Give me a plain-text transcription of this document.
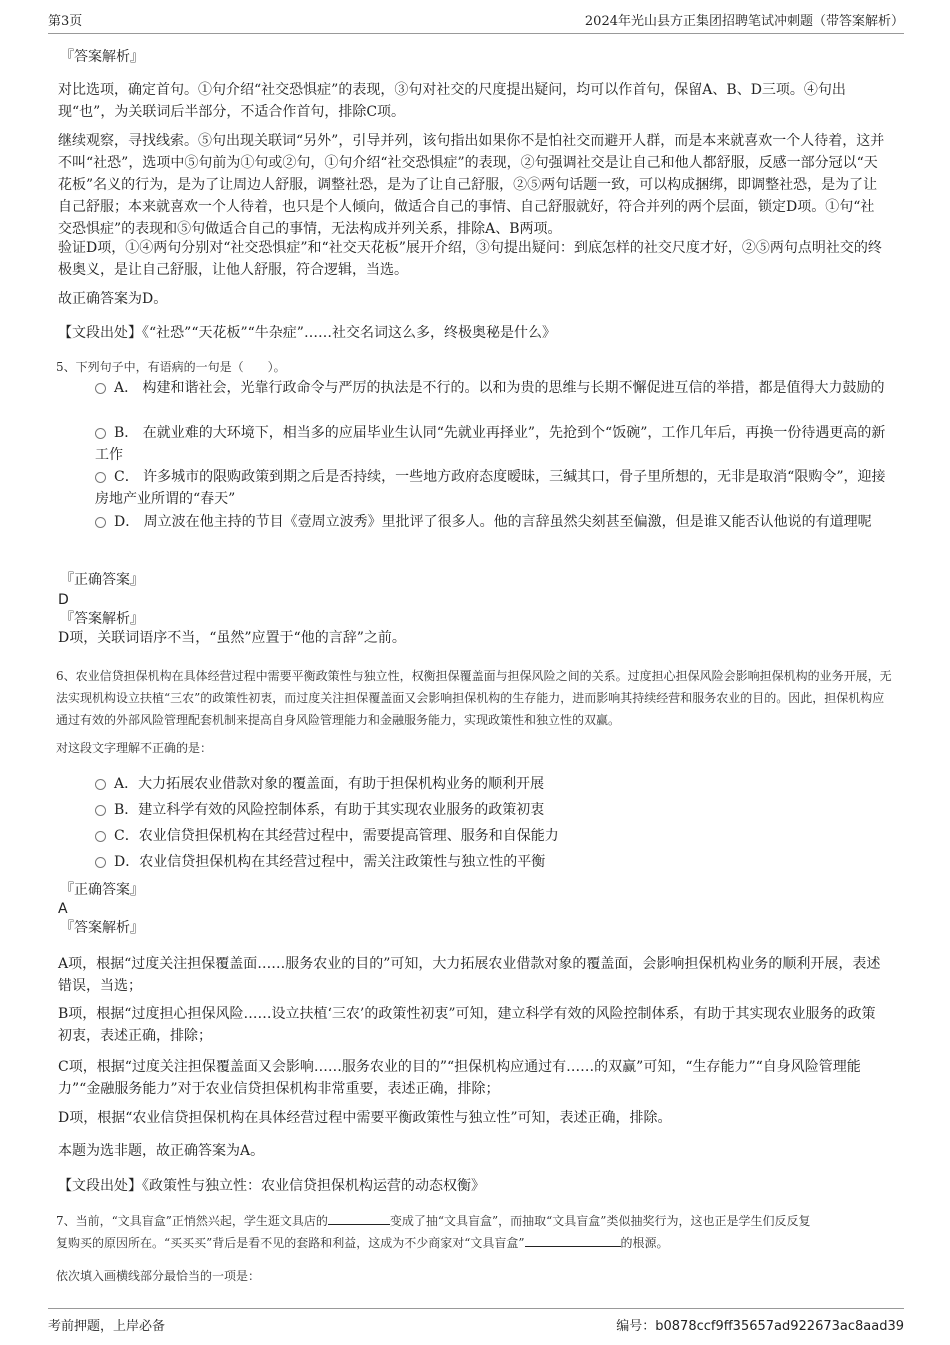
第3页	2024年光山县方正集团招聘笔试冲刺题（带答案解析）
『答案解析』
对比选项，确定首句。①句介绍“社交恐惧症”的表现，③句对社交的尺度提出疑问，均可以作首句，保留A、B、D三项。④句出现“也”，为关联词后半部分，不适合作首句，排除C项。
继续观察，寻找线索。⑤句出现关联词“另外”，引导并列，该句指出如果你不是怕社交而避开人群，而是本来就喜欢一个人待着，这并不叫“社恐”，选项中⑤句前为①句或②句，①句介绍“社交恐惧症”的表现，②句强调社交是让自己和他人都舒服，反感一部分冠以“天花板”名义的行为，是为了让周边人舒服，调整社恐，是为了让自己舒服，②⑤两句话题一致，可以构成捆绑，即调整社恐，是为了让自己舒服；本来就喜欢一个人待着，也只是个人倾向，做适合自己的事情、自己舒服就好，符合并列的两个层面，锁定D项。①句“社交恐惧症”的表现和⑤句做适合自己的事情，无法构成并列关系，排除A、B两项。
验证D项，①④两句分别对“社交恐惧症”和“社交天花板”展开介绍，③句提出疑问：到底怎样的社交尺度才好，②⑤两句点明社交的终极奥义，是让自己舒服，让他人舒服，符合逻辑，当选。
故正确答案为D。
【文段出处】《“社恐”“天花板”“牛杂症”……社交名词这么多，终极奥秘是什么》
5、下列句子中，有语病的一句是（　　）。
A． 构建和谐社会，光靠行政命令与严厉的执法是不行的。以和为贵的思维与长期不懈促进互信的举措，都是值得大力鼓励的
B． 在就业难的大环境下，相当多的应届毕业生认同“先就业再择业”，先抢到个“饭碗”，工作几年后，再换一份待遇更高的新工作
C． 许多城市的限购政策到期之后是否持续，一些地方政府态度暧昧，三缄其口，骨子里所想的，无非是取消“限购令”，迎接房地产业所谓的“春天”
D． 周立波在他主持的节目《壹周立波秀》里批评了很多人。他的言辞虽然尖刻甚至偏激，但是谁又能否认他说的有道理呢
『正确答案』
D
『答案解析』
D项，关联词语序不当，“虽然”应置于“他的言辞”之前。
6、农业信贷担保机构在具体经营过程中需要平衡政策性与独立性，权衡担保覆盖面与担保风险之间的关系。过度担心担保风险会影响担保机构的业务开展，无法实现机构设立扶植“三农”的政策性初衷，而过度关注担保覆盖面又会影响担保机构的生存能力，进而影响其持续经营和服务农业的目的。因此，担保机构应通过有效的外部风险管理配套机制来提高自身风险管理能力和金融服务能力，实现政策性和独立性的双赢。
对这段文字理解不正确的是：
A．大力拓展农业借款对象的覆盖面，有助于担保机构业务的顺利开展
B．建立科学有效的风险控制体系，有助于其实现农业服务的政策初衷
C．农业信贷担保机构在其经营过程中，需要提高管理、服务和自保能力
D．农业信贷担保机构在其经营过程中，需关注政策性与独立性的平衡
『正确答案』
A
『答案解析』
A项，根据“过度关注担保覆盖面……服务农业的目的”可知，大力拓展农业借款对象的覆盖面，会影响担保机构业务的顺利开展，表述错误，当选；
B项，根据“过度担心担保风险……设立扶植‘三农’的政策性初衷”可知，建立科学有效的风险控制体系，有助于其实现农业服务的政策初衷，表述正确，排除；
C项，根据“过度关注担保覆盖面又会影响……服务农业的目的”“担保机构应通过有……的双赢”可知，“生存能力”“自身风险管理能力”“金融服务能力”对于农业信贷担保机构非常重要，表述正确，排除；
D项，根据“农业信贷担保机构在具体经营过程中需要平衡政策性与独立性”可知，表述正确，排除。
本题为选非题，故正确答案为A。
【文段出处】《政策性与独立性：农业信贷担保机构运营的动态权衡》
7、当前，“文具盲盒”正悄然兴起，学生逛文具店的	变成了抽“文具盲盒”，而抽取“文具盲盒”类似抽奖行为，这也正是学生们反反复
复购买的原因所在。“买买买”背后是看不见的套路和利益，这成为不少商家对“文具盲盒”	的根源。
依次填入画横线部分最恰当的一项是：
考前押题，上岸必备	编号：b0878ccf9ff35657ad922673ac8aad39
